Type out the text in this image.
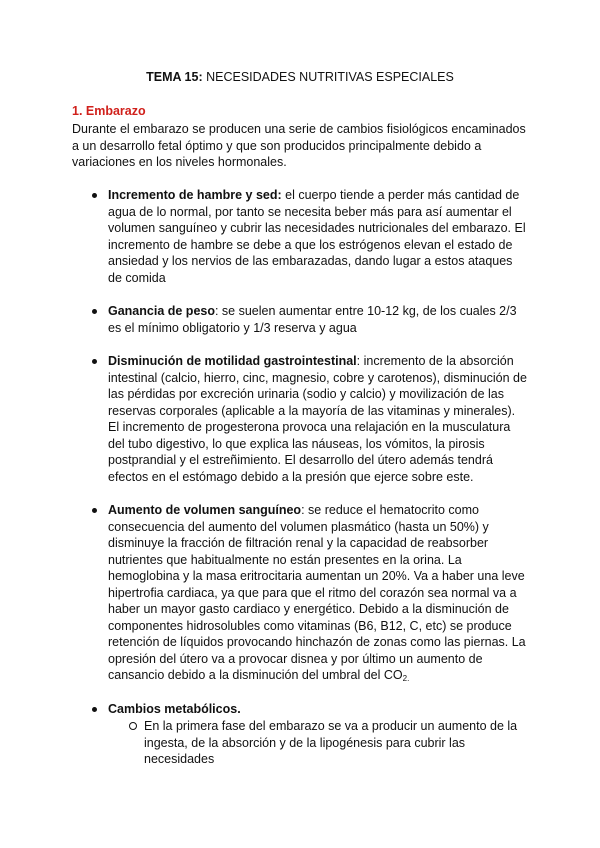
TEMA 15: NECESIDADES NUTRITIVAS ESPECIALES
1. Embarazo
Durante el embarazo se producen una serie de cambios fisiológicos encaminados a un desarrollo fetal óptimo y que son producidos principalmente debido a variaciones en los niveles hormonales.
Incremento de hambre y sed: el cuerpo tiende a perder más cantidad de agua de lo normal, por tanto se necesita beber más para así aumentar el volumen sanguíneo y cubrir las necesidades nutricionales del embarazo. El incremento de hambre se debe a que los estrógenos elevan el estado de ansiedad y los nervios de las embarazadas, dando lugar a estos ataques de comida
Ganancia de peso: se suelen aumentar entre 10-12 kg, de los cuales 2/3 es el mínimo obligatorio y 1/3 reserva y agua
Disminución de motilidad gastrointestinal: incremento de la absorción intestinal (calcio, hierro, cinc, magnesio, cobre y carotenos), disminución de las pérdidas por excreción urinaria (sodio y calcio) y movilización de las reservas corporales (aplicable a la mayoría de las vitaminas y minerales). El incremento de progesterona provoca una relajación en la musculatura del tubo digestivo, lo que explica las náuseas, los vómitos, la pirosis postprandial y el estreñimiento. El desarrollo del útero además tendrá efectos en el estómago debido a la presión que ejerce sobre este.
Aumento de volumen sanguíneo: se reduce el hematocrito como consecuencia del aumento del volumen plasmático (hasta un 50%) y disminuye la fracción de filtración renal y la capacidad de reabsorber nutrientes que habitualmente no están presentes en la orina. La hemoglobina y la masa eritrocitaria aumentan un 20%. Va a haber una leve hipertrofia cardiaca, ya que para que el ritmo del corazón sea normal va a haber un mayor gasto cardiaco y energético. Debido a la disminución de componentes hidrosolubles como vitaminas (B6, B12, C, etc) se produce retención de líquidos provocando hinchazón de zonas como las piernas. La opresión del útero va a provocar disnea y por último un aumento de cansancio debido a la disminución del umbral del $CO_{2.}$
Cambios metabólicos.
En la primera fase del embarazo se va a producir un aumento de la ingesta, de la absorción y de la lipogénesis para cubrir las necesidades
